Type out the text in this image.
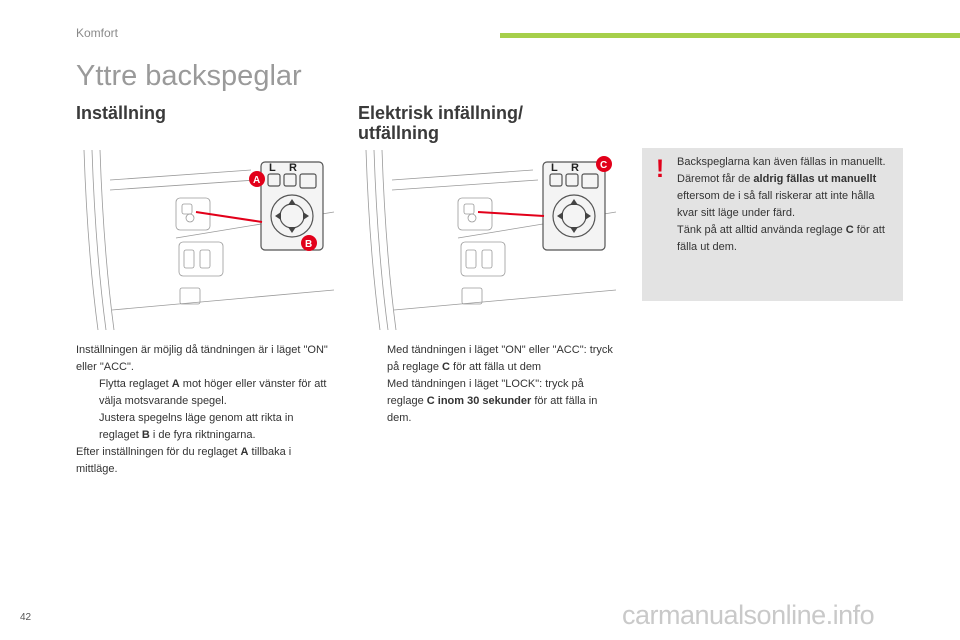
Komfort
Yttre backspeglar
Inställning	Elektrisk infällning/
utfällning
L R
A
B
L R C !	Backspeglarna kan även fällas in manuellt.

Däremot får de aldrig fällas ut manuellt eftersom de i så fall riskerar att inte hålla kvar sitt läge under färd.

Tänk på att alltid använda reglage C för att fälla ut dem.

Inställningen är möjlig då tändningen är i läget "ON" eller "ACC".

Flytta reglaget A mot höger eller vänster för att välja motsvarande spegel.

Justera spegelns läge genom att rikta in reglaget B i de fyra riktningarna.

Efter inställningen för du reglaget A tillbaka i mittläge.

Med tändningen i läget "ON" eller "ACC": tryck på reglage C för att fälla ut dem

Med tändningen i läget "LOCK": tryck på reglage C inom 30 sekunder för att fälla in dem.

42	carmanualsonline.info
